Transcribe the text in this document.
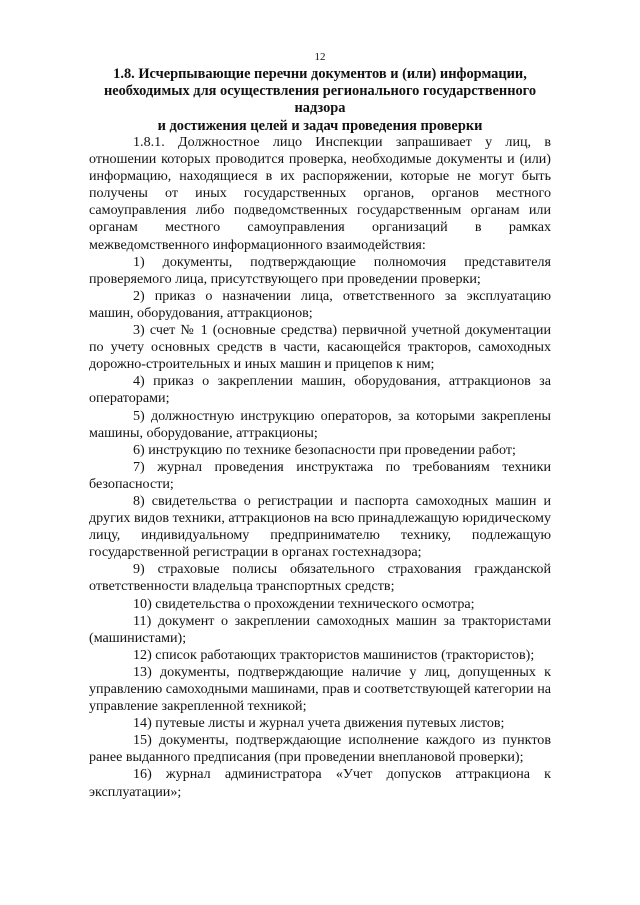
12
1.8. Исчерпывающие перечни документов и (или) информации,
необходимых для осуществления регионального государственного надзора
и достижения целей и задач проведения проверки

1.8.1. Должностное лицо Инспекции запрашивает у лиц, в отношении которых проводится проверка, необходимые документы и (или) информацию, находящиеся в их распоряжении, которые не могут быть получены от иных государственных органов, органов местного самоуправления либо подведомственных государственным органам или органам местного самоуправления организаций в рамках межведомственного информационного взаимодействия:

1) документы, подтверждающие полномочия представителя проверяемого лица, присутствующего при проведении проверки;

2) приказ о назначении лица, ответственного за эксплуатацию машин, оборудования, аттракционов;

3) счет № 1 (основные средства) первичной учетной документации по учету основных средств в части, касающейся тракторов, самоходных дорожно-строительных и иных машин и прицепов к ним;

4) приказ о закреплении машин, оборудования, аттракционов за операторами;

5) должностную инструкцию операторов, за которыми закреплены машины, оборудование, аттракционы;

6) инструкцию по технике безопасности при проведении работ;

7) журнал проведения инструктажа по требованиям техники безопасности;

8) свидетельства о регистрации и паспорта самоходных машин и других видов техники, аттракционов на всю принадлежащую юридическому лицу, индивидуальному предпринимателю технику, подлежащую государственной регистрации в органах гостехнадзора;

9) страховые полисы обязательного страхования гражданской ответственности владельца транспортных средств;

10) свидетельства о прохождении технического осмотра;

11) документ о закреплении самоходных машин за трактористами (машинистами);

12) список работающих трактористов машинистов (трактористов);

13) документы, подтверждающие наличие у лиц, допущенных к управлению самоходными машинами, прав и соответствующей категории на управление закрепленной техникой;

14) путевые листы и журнал учета движения путевых листов;

15) документы, подтверждающие исполнение каждого из пунктов ранее выданного предписания (при проведении внеплановой проверки);

16) журнал администратора «Учет допусков аттракциона к эксплуатации»;
